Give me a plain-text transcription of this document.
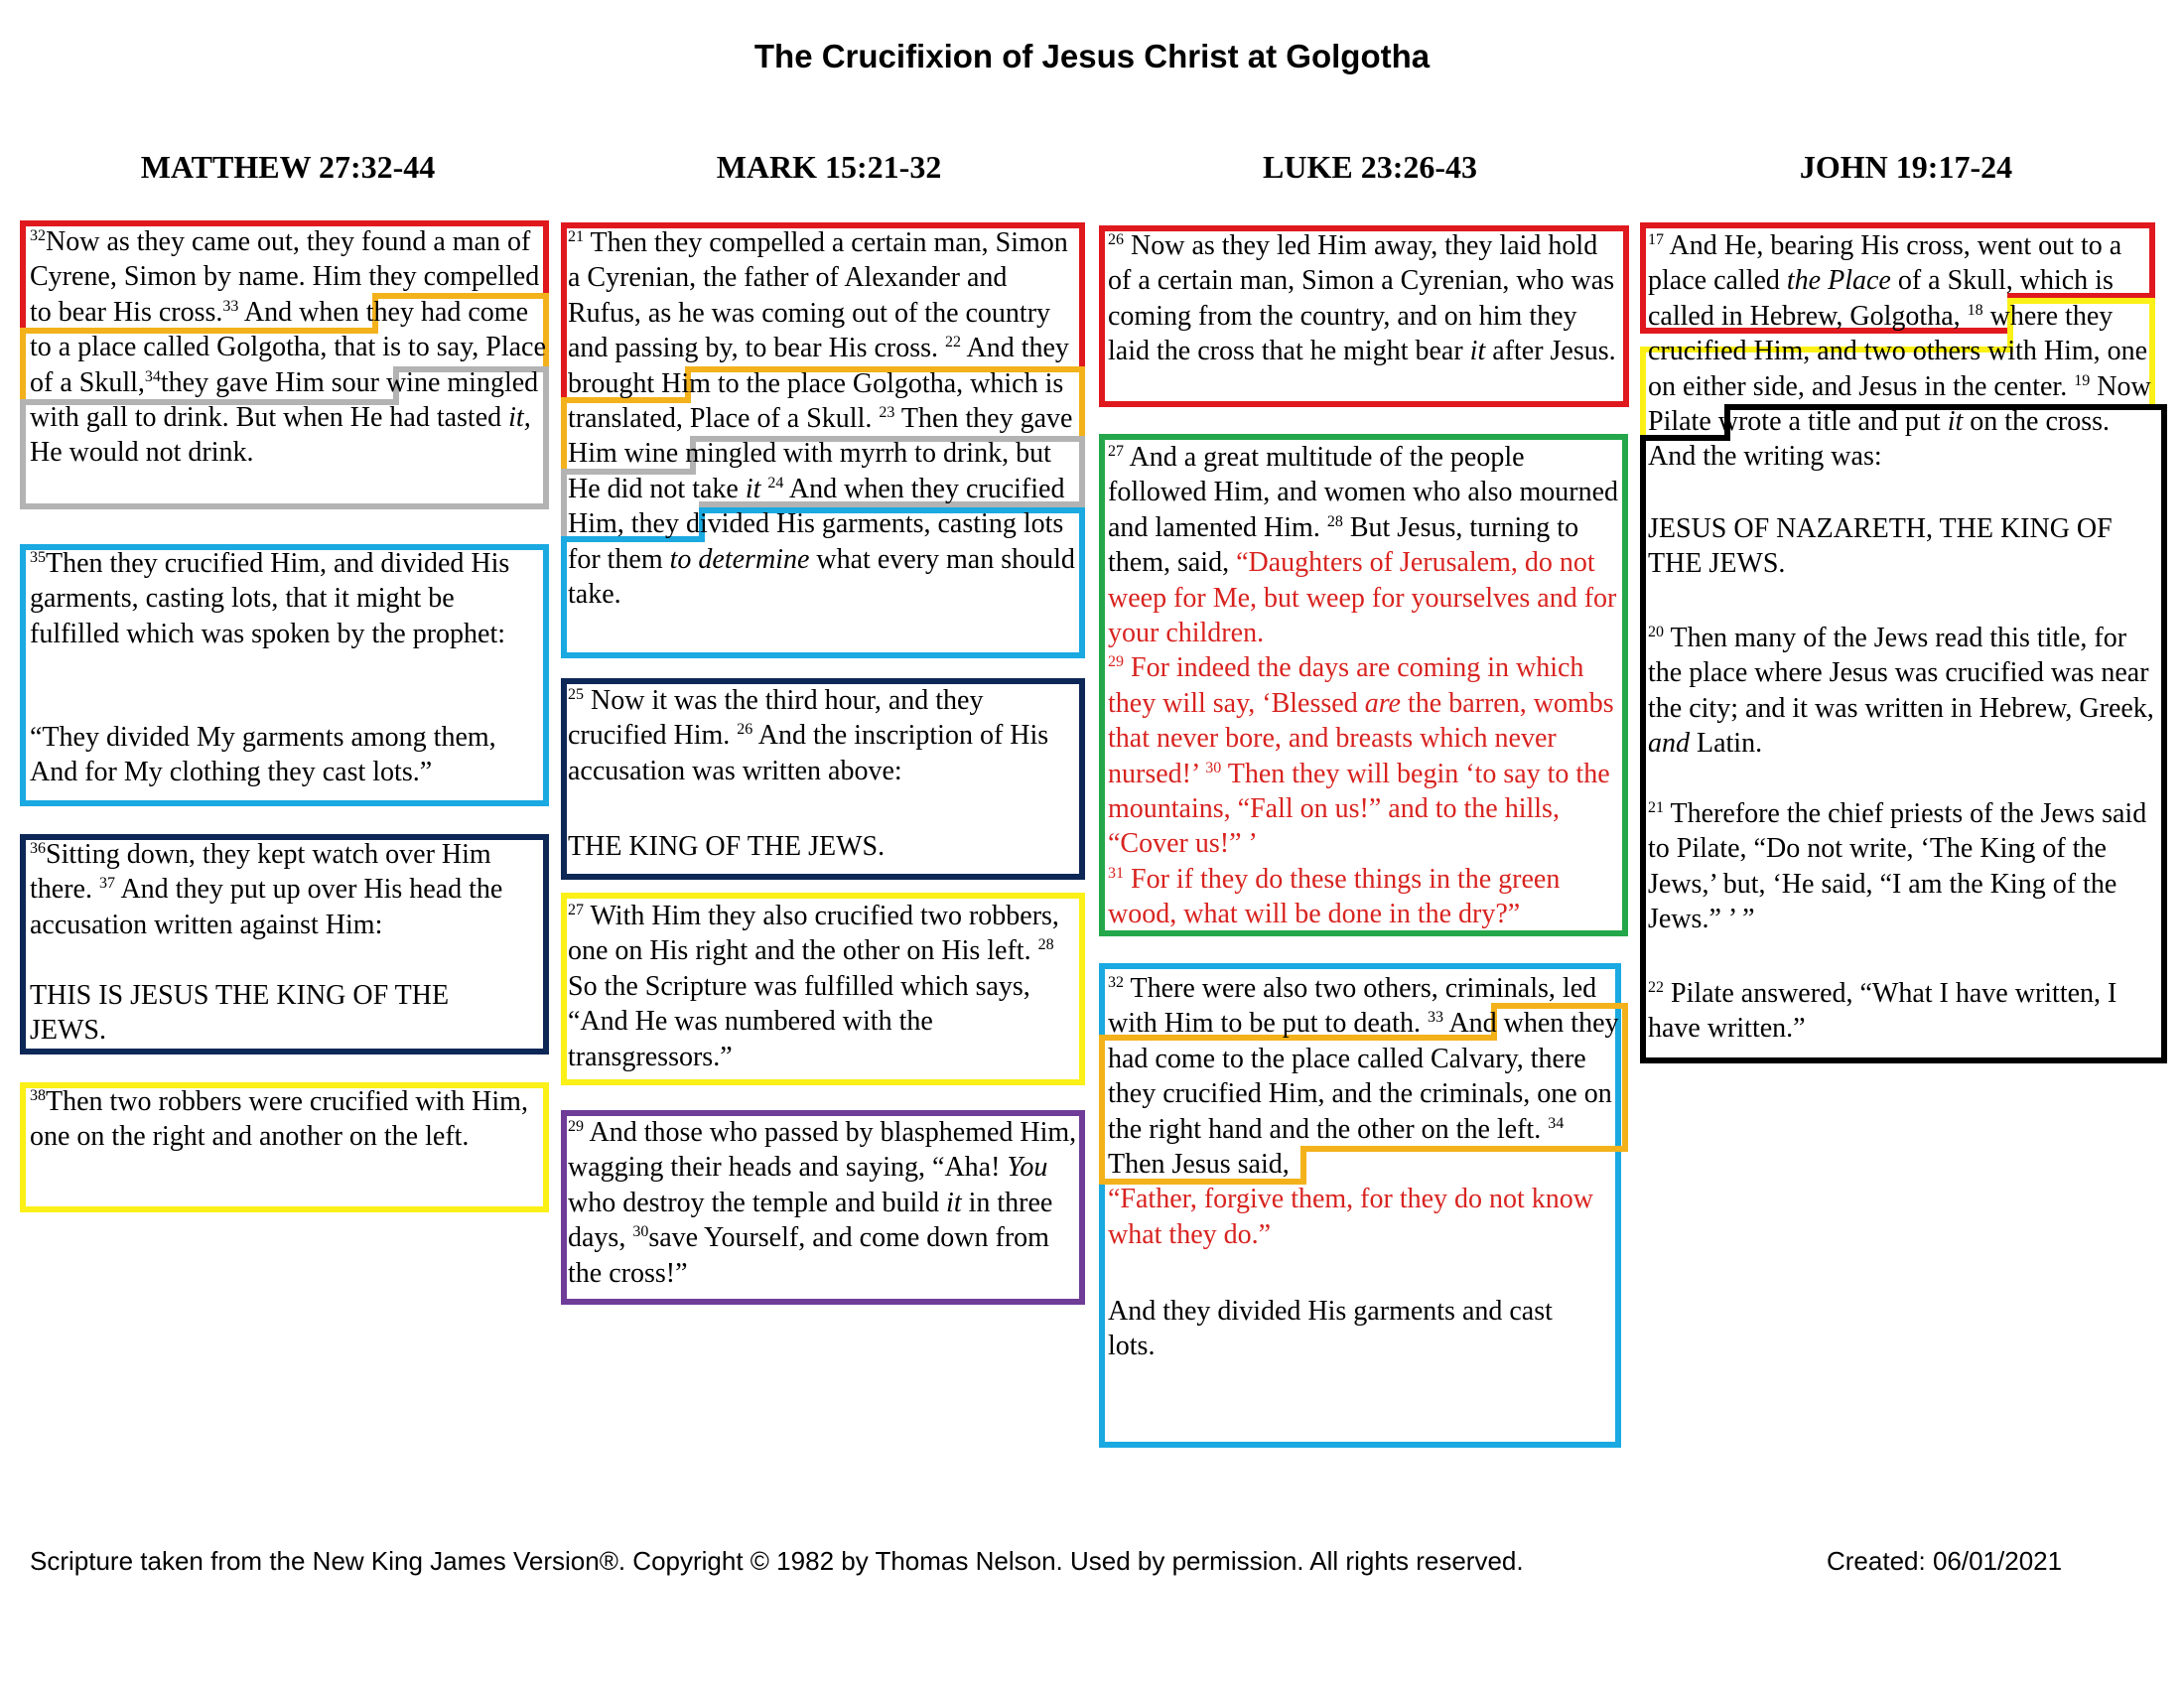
The Crucifixion of Jesus Christ at Golgotha
MATTHEW 27:32-44	MARK 15:21-32	LUKE 23:26-43	JOHN 19:17-24
$^{32}$Now as they came out, they found a man of Cyrene, Simon by name. Him they compelled to bear His cross.$^{33}$ And when they had come to a place called Golgotha, that is to say, Place of a Skull,$^{34}$they gave Him sour wine mingled with gall to drink. But when He had tasted it, He would not drink.
$^{35}$Then they crucified Him, and divided His garments, casting lots, that it might be fulfilled which was spoken by the prophet:
“They divided My garments among them, And for My clothing they cast lots.”
$^{36}$Sitting down, they kept watch over Him there. $^{37}$ And they put up over His head the accusation written against Him:
THIS IS JESUS THE KING OF THE JEWS.
$^{38}$Then two robbers were crucified with Him, one on the right and another on the left.
$^{21}$ Then they compelled a certain man, Simon a Cyrenian, the father of Alexander and Rufus, as he was coming out of the country and passing by, to bear His cross. $^{22}$ And they brought Him to the place Golgotha, which is translated, Place of a Skull. $^{23}$ Then they gave Him wine mingled with myrrh to drink, but He did not take it $^{24}$ And when they crucified Him, they divided His garments, casting lots for them to determine what every man should take.
$^{25}$ Now it was the third hour, and they crucified Him. $^{26}$ And the inscription of His accusation was written above:
THE KING OF THE JEWS.
$^{27}$ With Him they also crucified two robbers, one on His right and the other on His left. $^{28}$ So the Scripture was fulfilled which says, “And He was numbered with the transgressors.”
$^{29}$ And those who passed by blasphemed Him, wagging their heads and saying, “Aha! You who destroy the temple and build it in three days, $^{30}$save Yourself, and come down from the cross!”
$^{26}$ Now as they led Him away, they laid hold of a certain man, Simon a Cyrenian, who was coming from the country, and on him they laid the cross that he might bear it after Jesus.
$^{27}$ And a great multitude of the people followed Him, and women who also mourned and lamented Him. $^{28}$ But Jesus, turning to them, said, “Daughters of Jerusalem, do not weep for Me, but weep for yourselves and for your children.
$^{29}$ For indeed the days are coming in which they will say, ‘Blessed are the barren, wombs that never bore, and breasts which never nursed!’ $^{30}$ Then they will begin ‘to say to the mountains, “Fall on us!” and to the hills, “Cover us!” ’
$^{31}$ For if they do these things in the green wood, what will be done in the dry?”
$^{32}$ There were also two others, criminals, led with Him to be put to death. $^{33}$ And when they had come to the place called Calvary, there they crucified Him, and the criminals, one on the right hand and the other on the left. $^{34}$ Then Jesus said,
“Father, forgive them, for they do not know what they do.”
And they divided His garments and cast lots.
$^{17}$ And He, bearing His cross, went out to a place called the Place of a Skull, which is called in Hebrew, Golgotha, $^{18}$ where they crucified Him, and two others with Him, one on either side, and Jesus in the center. $^{19}$ Now Pilate wrote a title and put it on the cross. And the writing was:
JESUS OF NAZARETH, THE KING OF THE JEWS.
$^{20}$ Then many of the Jews read this title, for the place where Jesus was crucified was near the city; and it was written in Hebrew, Greek, and Latin.
$^{21}$ Therefore the chief priests of the Jews said to Pilate, “Do not write, ‘The King of the Jews,’ but, ‘He said, “I am the King of the Jews.” ’ ”
$^{22}$ Pilate answered, “What I have written, I have written.”
Scripture taken from the New King James Version®. Copyright © 1982 by Thomas Nelson. Used by permission. All rights reserved.	Created: 06/01/2021
